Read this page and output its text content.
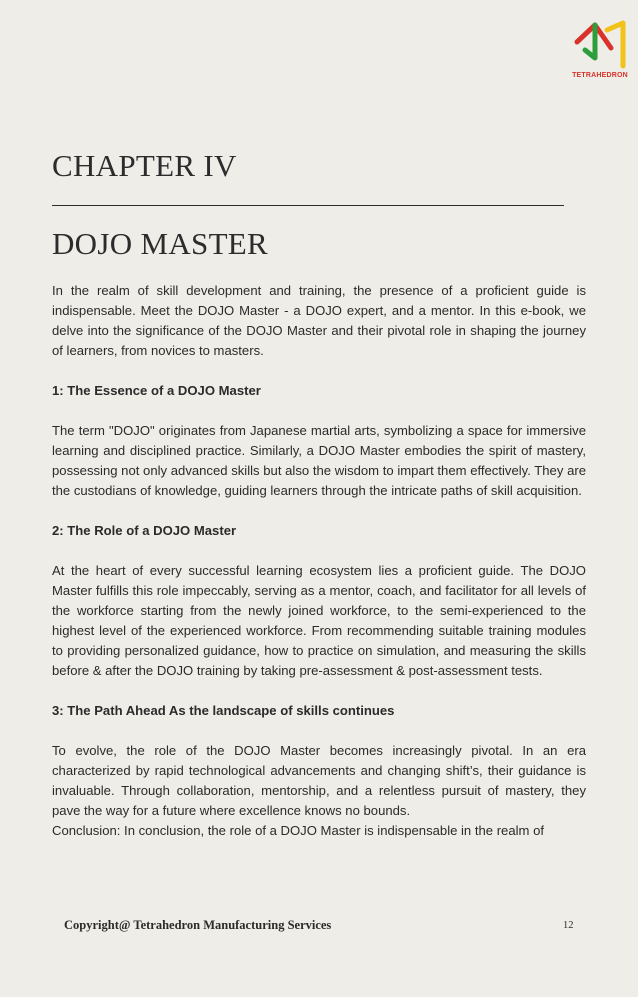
TETRAHEDRON
CHAPTER IV
DOJO MASTER

In the realm of skill development and training, the presence of a proficient guide is indispensable. Meet the DOJO Master - a DOJO expert, and a mentor. In this e-book, we delve into the significance of the DOJO Master and their pivotal role in shaping the journey of learners, from novices to masters.

1: The Essence of a DOJO Master

The term "DOJO" originates from Japanese martial arts, symbolizing a space for immersive learning and disciplined practice. Similarly, a DOJO Master embodies the spirit of mastery, possessing not only advanced skills but also the wisdom to impart them effectively. They are the custodians of knowledge, guiding learners through the intricate paths of skill acquisition.

2: The Role of a DOJO Master

At the heart of every successful learning ecosystem lies a proficient guide. The DOJO Master fulfills this role impeccably, serving as a mentor, coach, and facilitator for all levels of the workforce starting from the newly joined workforce, to the semi-experienced to the highest level of the experienced workforce. From recommending suitable training modules to providing personalized guidance, how to practice on simulation, and measuring the skills before & after the DOJO training by taking pre-assessment & post-assessment tests.

3: The Path Ahead As the landscape of skills continues

To evolve, the role of the DOJO Master becomes increasingly pivotal. In an era characterized by rapid technological advancements and changing shift’s, their guidance is invaluable. Through collaboration, mentorship, and a relentless pursuit of mastery, they pave the way for a future where excellence knows no bounds.

Conclusion: In conclusion, the role of a DOJO Master is indispensable in the realm of

Copyright@ Tetrahedron Manufacturing Services	12
